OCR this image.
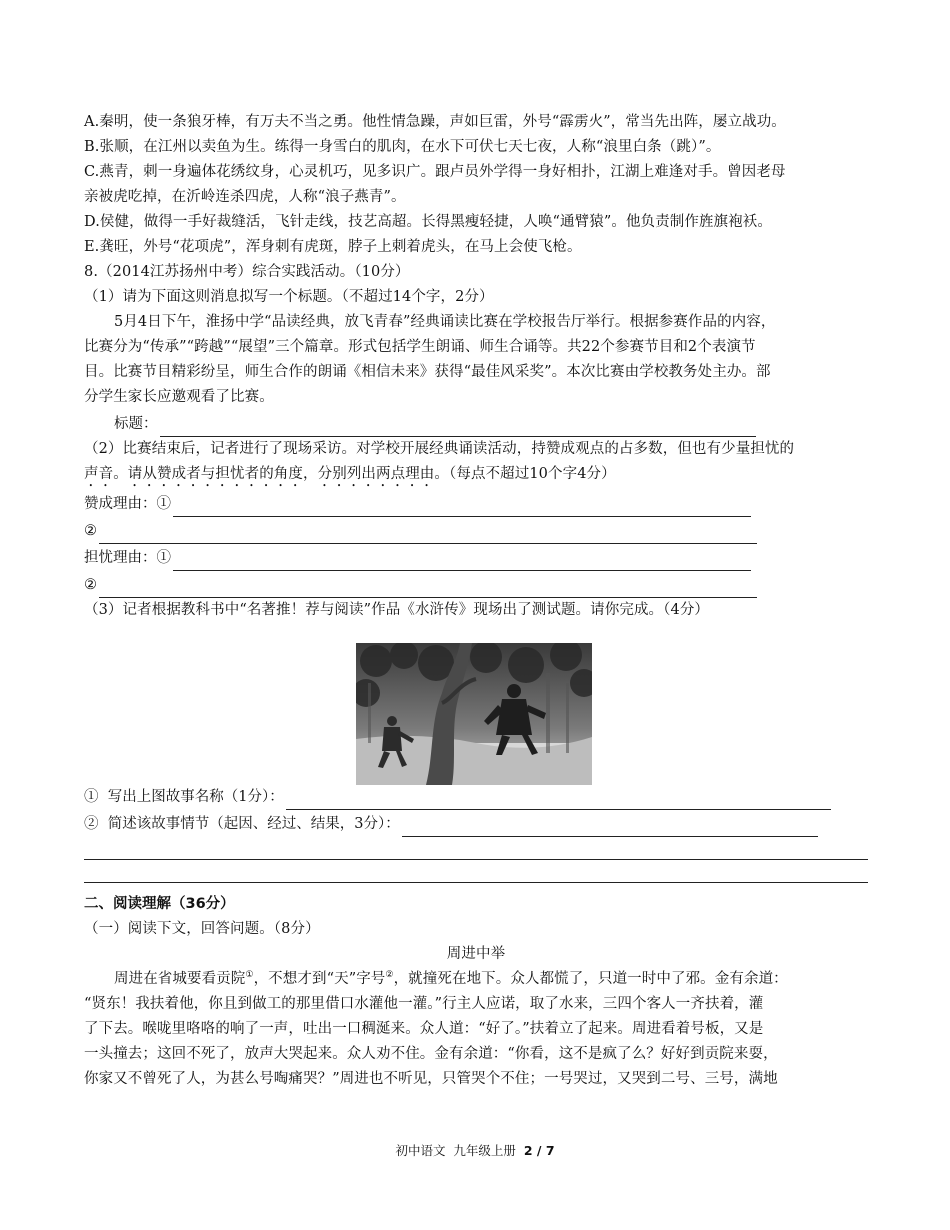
A.秦明，使一条狼牙棒，有万夫不当之勇。他性情急躁，声如巨雷，外号“霹雳火”，常当先出阵，屡立战功。
B.张顺，在江州以卖鱼为生。练得一身雪白的肌肉，在水下可伏七天七夜，人称“浪里白条（跳）”。
C.燕青，刺一身遍体花绣纹身，心灵机巧，见多识广。跟卢员外学得一身好相扑，江湖上难逢对手。曾因老母
亲被虎吃掉，在沂岭连杀四虎，人称“浪子燕青”。
D.侯健，做得一手好裁缝活，飞针走线，技艺高超。长得黑瘦轻捷，人唤“通臂猿”。他负责制作旌旗袍袄。
E.龚旺，外号“花项虎”，浑身刺有虎斑，脖子上刺着虎头，在马上会使飞枪。
8.（2014江苏扬州中考）综合实践活动。（10分）
（1）请为下面这则消息拟写一个标题。（不超过14个字，2分）
5月4日下午，淮扬中学“品读经典，放飞青春”经典诵读比赛在学校报告厅举行。根据参赛作品的内容，
比赛分为“传承”“跨越”“展望”三个篇章。形式包括学生朗诵、师生合诵等。共22个参赛节目和2个表演节
目。比赛节目精彩纷呈，师生合作的朗诵《相信未来》获得“最佳风采奖”。本次比赛由学校教务处主办。部
分学生家长应邀观看了比赛。
标题：
（2）比赛结束后，记者进行了现场采访。对学校开展经典诵读活动，持赞成观点的占多数，但也有少量担忧的
声音。请从赞成者与担忧者的角度，分别列出两点理由。（每点不超过10个字4分）
赞成理由：①
②
担忧理由：①
②
（3）记者根据教科书中“名著推！荐与阅读”作品《水浒传》现场出了测试题。请你完成。（4分）
①  写出上图故事名称（1分）：
②  简述该故事情节（起因、经过、结果，3分）：
二、阅读理解（36分）
（一）阅读下文，回答问题。（8分）
周进中举
周进在省城要看贡院①，不想才到“天”字号②，就撞死在地下。众人都慌了，只道一时中了邪。金有余道：
“贤东！我扶着他，你且到做工的那里借口水灌他一灌。”行主人应诺，取了水来，三四个客人一齐扶着，灌
了下去。喉咙里咯咯的响了一声，吐出一口稠涎来。众人道：“好了。”扶着立了起来。周进看着号板，又是
一头撞去；这回不死了，放声大哭起来。众人劝不住。金有余道：“你看，这不是疯了么？好好到贡院来耍，
你家又不曾死了人，为甚么号啕痛哭？”周进也不听见，只管哭个不住；一号哭过，又哭到二号、三号，满地
初中语文  九年级上册  2 / 7
